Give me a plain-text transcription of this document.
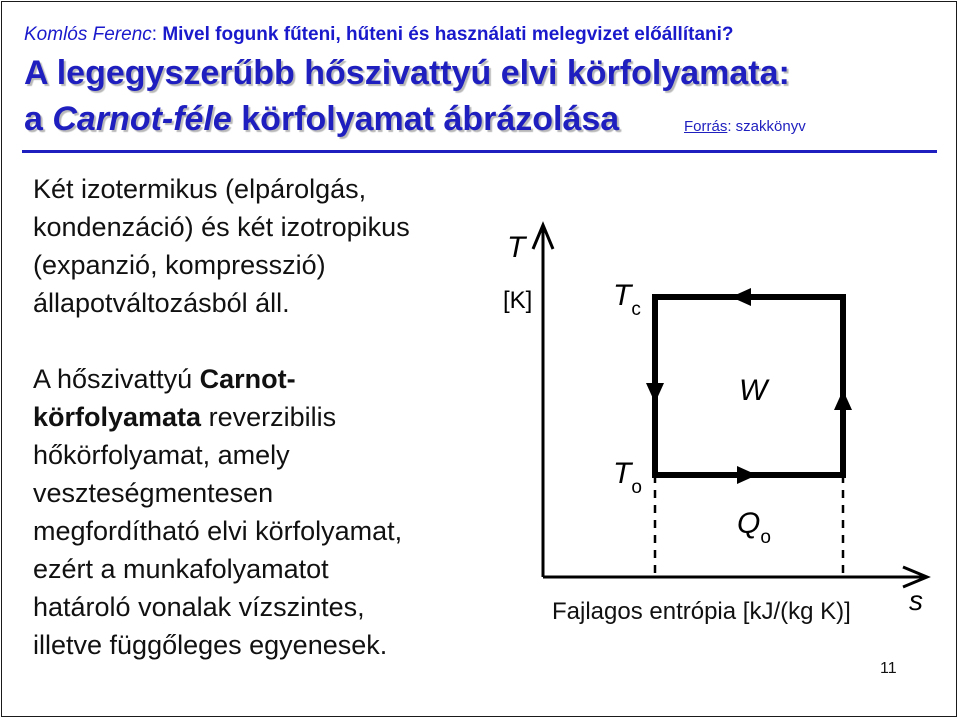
Komlós Ferenc: Mivel fogunk fűteni, hűteni és használati melegvizet előállítani?
A legegyszerűbb hőszivattyú elvi körfolyamata:
a Carnot-féle körfolyamat ábrázolása	Forrás: szakkönyv
Két izotermikus (elpárolgás,
kondenzáció) és két izotropikus
(expanzió, kompresszió)
állapotváltozásból áll.
A hőszivattyú Carnot-
körfolyamata reverzibilis
hőkörfolyamat, amely
veszteségmentesen
megfordítható elvi körfolyamat,
ezért a munkafolyamatot
határoló vonalak vízszintes,
illetve függőleges egyenesek.
T
[K]
s
Fajlagos entrópia [kJ/(kg K)]
$T_c$
$T_o$
W
$Q_o$
11
